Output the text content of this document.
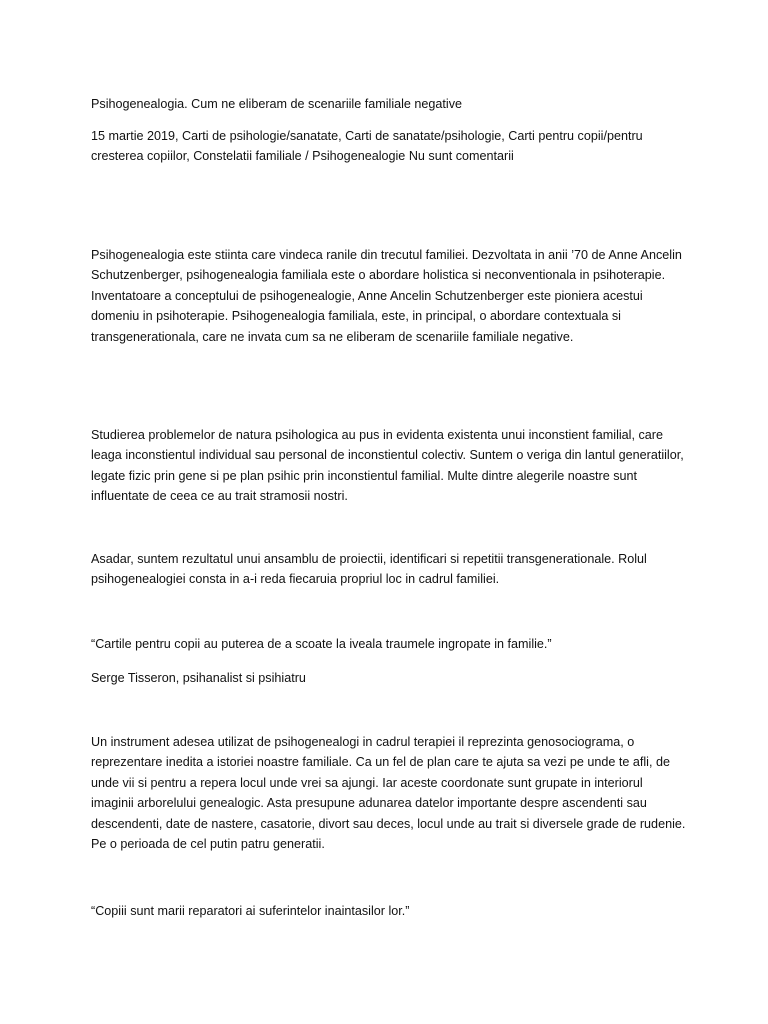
Psihogenealogia. Cum ne eliberam de scenariile familiale negative

15 martie 2019, Carti de psihologie/sanatate, Carti de sanatate/psihologie, Carti pentru copii/pentru cresterea copiilor, Constelatii familiale / Psihogenealogie Nu sunt comentarii

Psihogenealogia este stiinta care vindeca ranile din trecutul familiei. Dezvoltata in anii ’70 de Anne Ancelin Schutzenberger, psihogenealogia familiala este o abordare holistica si neconventionala in psihoterapie. Inventatoare a conceptului de psihogenealogie, Anne Ancelin Schutzenberger este pioniera acestui domeniu in psihoterapie. Psihogenealogia familiala, este, in principal, o abordare contextuala si transgenerationala, care ne invata cum sa ne eliberam de scenariile familiale negative.

Studierea problemelor de natura psihologica au pus in evidenta existenta unui inconstient familial, care leaga inconstientul individual sau personal de inconstientul colectiv. Suntem o veriga din lantul generatiilor, legate fizic prin gene si pe plan psihic prin inconstientul familial. Multe dintre alegerile noastre sunt influentate de ceea ce au trait stramosii nostri.

Asadar, suntem rezultatul unui ansamblu de proiectii, identificari si repetitii transgenerationale. Rolul psihogenealogiei consta in a-i reda fiecaruia propriul loc in cadrul familiei.

“Cartile pentru copii au puterea de a scoate la iveala traumele ingropate in familie.”

Serge Tisseron, psihanalist si psihiatru

Un instrument adesea utilizat de psihogenealogi in cadrul terapiei il reprezinta genosociograma, o reprezentare inedita a istoriei noastre familiale. Ca un fel de plan care te ajuta sa vezi pe unde te afli, de unde vii si pentru a repera locul unde vrei sa ajungi. Iar aceste coordonate sunt grupate in interiorul imaginii arborelului genealogic. Asta presupune adunarea datelor importante despre ascendenti sau descendenti, date de nastere, casatorie, divort sau deces, locul unde au trait si diversele grade de rudenie. Pe o perioada de cel putin patru generatii.

“Copiii sunt marii reparatori ai suferintelor inaintasilor lor.”
